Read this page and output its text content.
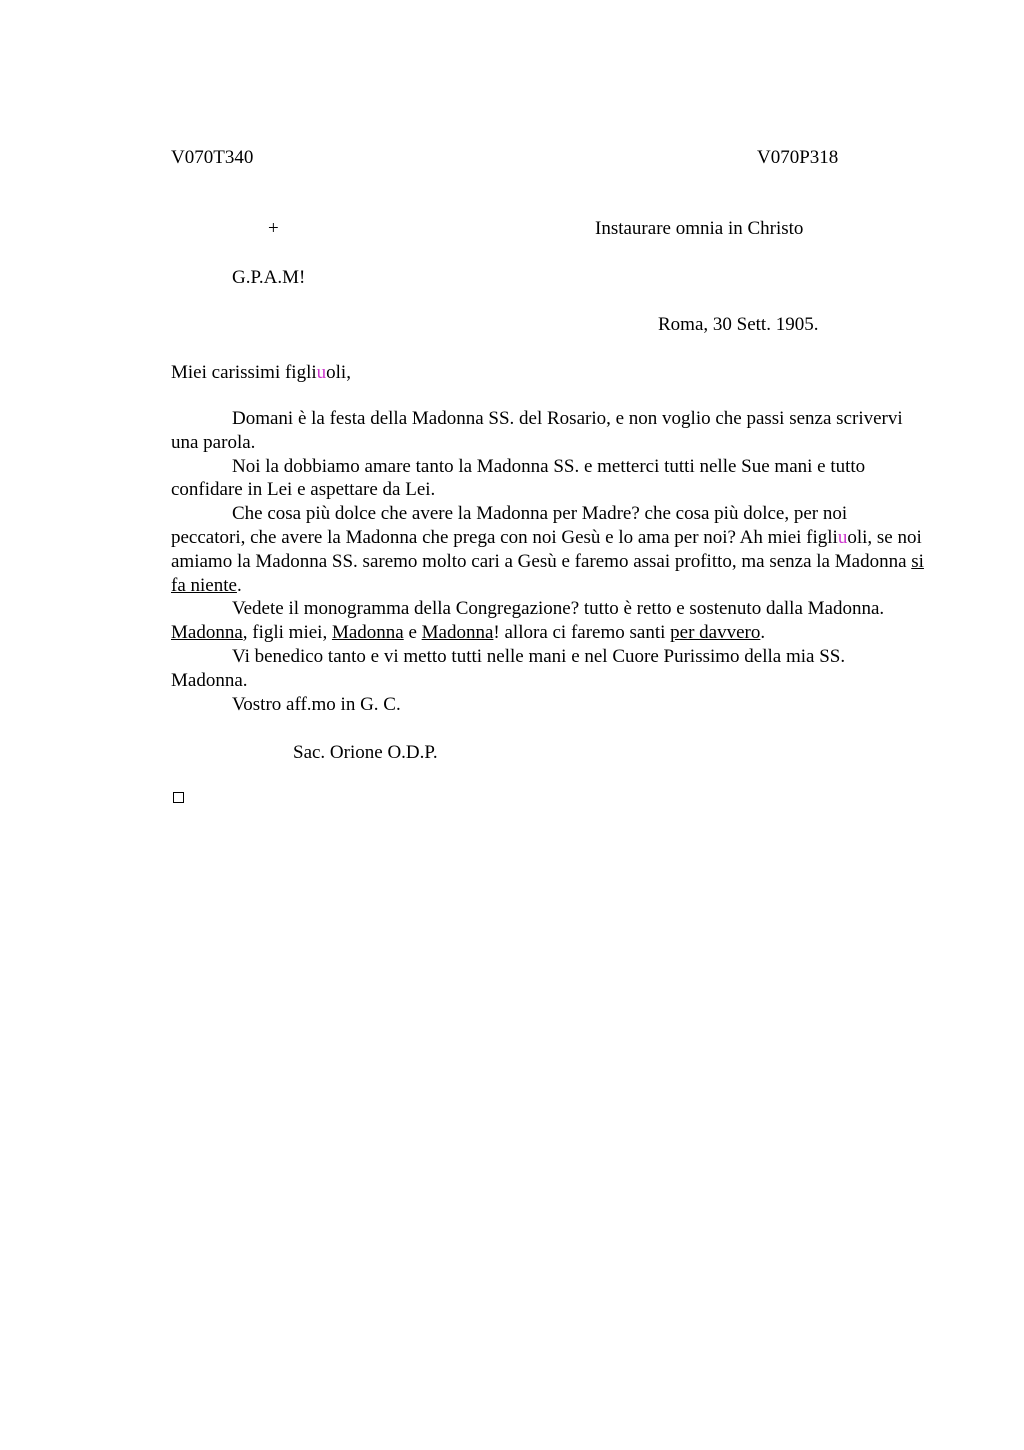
V070T340	V070P318
+	Instaurare omnia in Christo
G.P.A.M!
Roma, 30 Sett. 1905.
Miei carissimi figliuoli,

Domani è la festa della Madonna SS. del Rosario, e non voglio che passi senza scrivervi una parola.

Noi la dobbiamo amare tanto la Madonna SS. e metterci tutti nelle Sue mani e tutto confidare in Lei e aspettare da Lei.

Che cosa più dolce che avere la Madonna per Madre? che cosa più dolce, per noi peccatori, che avere la Madonna che prega con noi Gesù e lo ama per noi? Ah miei figliuoli, se noi amiamo la Madonna SS. saremo molto cari a Gesù e faremo assai profitto, ma senza la Madonna si fa niente.

Vedete il monogramma della Congregazione? tutto è retto e sostenuto dalla Madonna. Madonna, figli miei, Madonna e Madonna! allora ci faremo santi per davvero.

Vi benedico tanto e vi metto tutti nelle mani e nel Cuore Purissimo della mia SS. Madonna.

Vostro aff.mo in G. C.

Sac. Orione O.D.P.
